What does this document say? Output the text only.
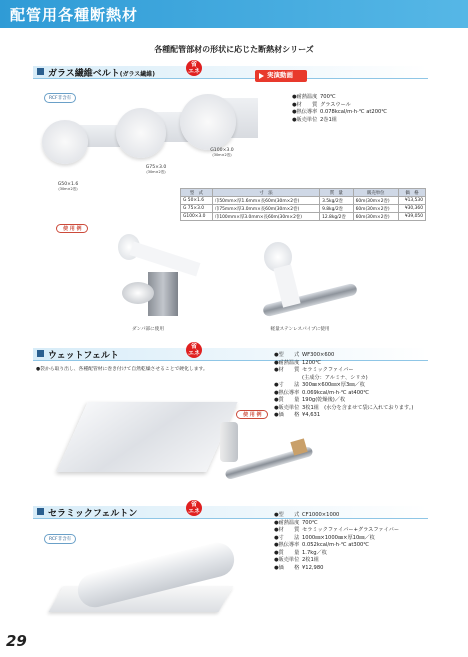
配管用各種断熱材
各種配管部材の形状に応じた断熱材シリーズ
ガラス繊維ベルト(ガラス繊維)
省
エネ	実演動画
RCF非含有
G50×1.6
(30m×2巻)
G75×3.0
(30m×2巻)
G100×3.0
(30m×2巻)
●耐熱温度 700℃
●材　　質 グラスウール
●熱伝導率 0.078kcal/m·h·℃ at200℃
●販売単位 2巻1組
型　式	寸　法	質　量	販売単位	価　格
G 50×1.6	巾50mm×厚1.6mm×長60m(30m×2巻)	3.5kg/2巻	60m(30m×2巻)	¥13,530
G 75×3.0	巾75mm×厚3.0mm×長60m(30m×2巻)	9.8kg/2巻	60m(30m×2巻)	¥30,360
G100×3.0	巾100mm×厚3.0mm×長60m(30m×2巻)	12.8kg/2巻	60m(30m×2巻)	¥39,050
使 用 例
ダンパ部に使用	軽量ステンレスパイプに使用
ウェットフェルト
省
エネ
●袋から取り出し、各種配管材に巻き付けて自然乾燥させることで硬化します。
●型　　式 WF300×600
●耐熱温度 1200℃
●材　　質 セラミックファイバー
(主成分：アルミナ、シリカ)
●寸　　法 300㎜×600㎜×厚3㎜／枚
●熱伝導率 0.069kcal/m·h·℃ at400℃
●質　　量 190g(乾燥後)／枚
●販売単位 3枚1組　(水分を含ませて袋に入れております。)
●価　　格 ¥4,631
使 用 例
セラミックフェルトン
省
エネ
RCF非含有
●型　　式 CF1000×1000
●耐熱温度 700℃
●材　　質 セラミックファイバー+グラスファイバー
●寸　　法 1000㎜×1000㎜×厚10㎜／枚
●熱伝導率 0.052kcal/m·h·℃ at300℃
●質　　量 1.7kg／枚
●販売単位 2枚1組
●価　　格 ¥12,980
29
